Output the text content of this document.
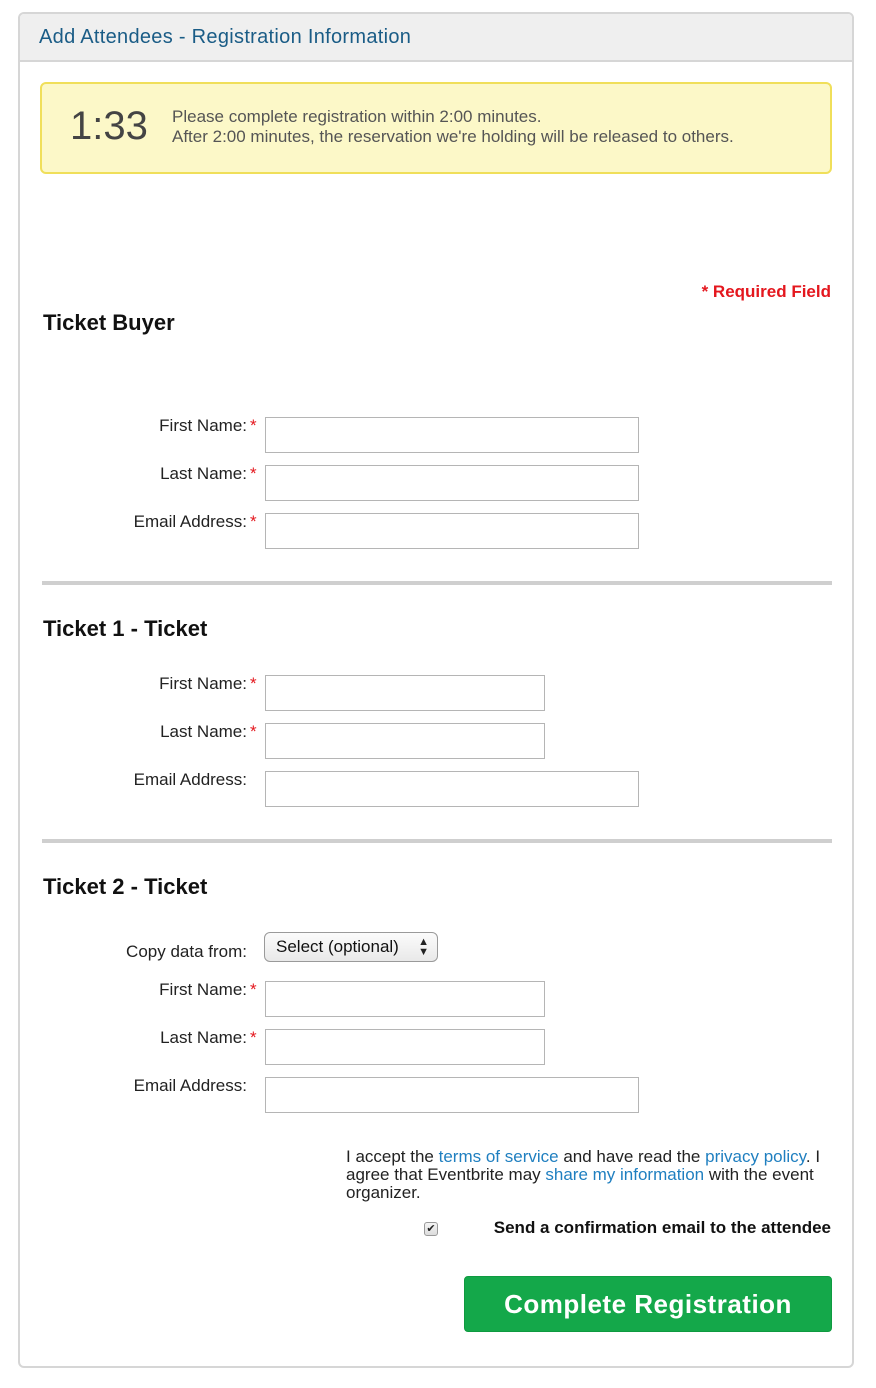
Add Attendees - Registration Information
1:33 Please complete registration within 2:00 minutes.
After 2:00 minutes, the reservation we're holding will be released to others.
* Required Field
Ticket Buyer
First Name: *
Last Name: *
Email Address: *
Ticket 1 - Ticket
First Name: *
Last Name: *
Email Address:
Ticket 2 - Ticket
Copy data from: Select (optional) ▲
▼
First Name: *
Last Name: *
Email Address:
I accept the terms of service and have read the privacy policy. I agree that Eventbrite may share my information with the event organizer.
✔	Send a confirmation email to the attendee
Complete Registration
